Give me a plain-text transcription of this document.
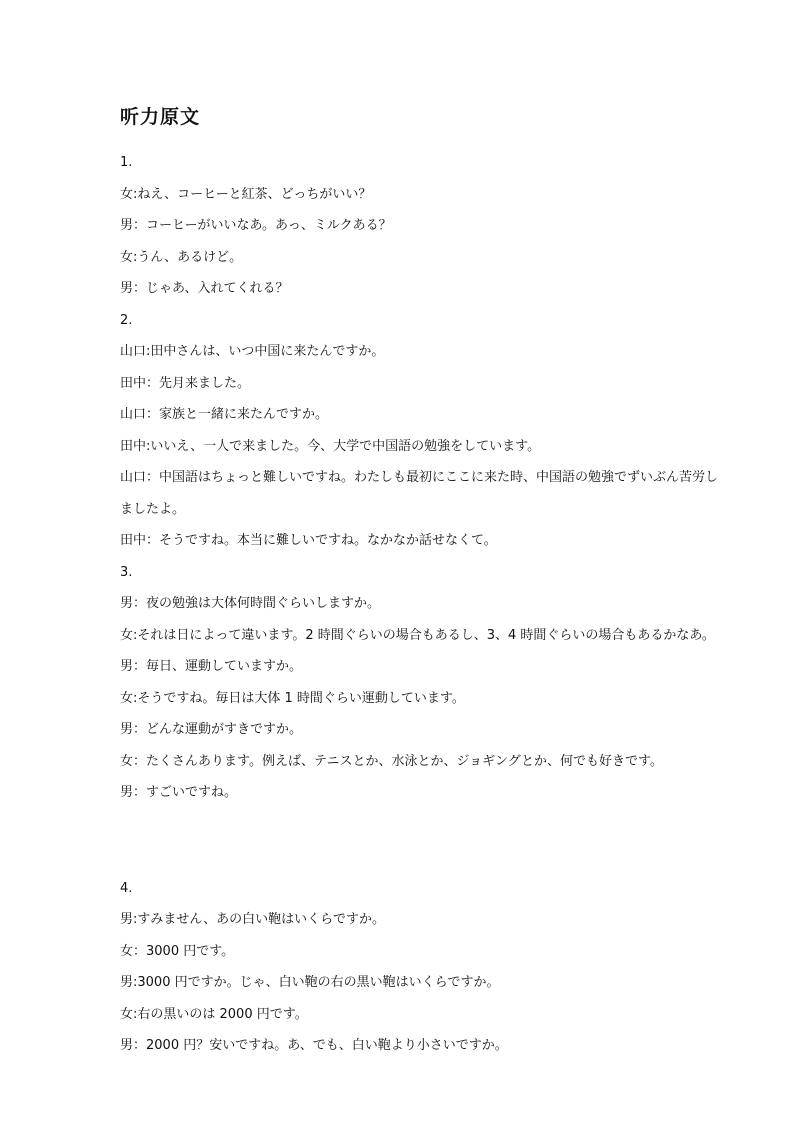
听力原文

1.

女:ねえ、コーヒーと紅茶、どっちがいい？

男：コーヒーがいいなあ。あっ、ミルクある？

女:うん、あるけど。

男：じゃあ、入れてくれる？

2.

山口:田中さんは、いつ中国に来たんですか。

田中：先月来ました。

山口：家族と一緒に来たんですか。

田中:いいえ、一人で来ました。今、大学で中国語の勉強をしています。

山口：中国語はちょっと難しいですね。わたしも最初にここに来た時、中国語の勉強でずいぶん苦労し

ましたよ。

田中：そうですね。本当に難しいですね。なかなか話せなくて。

3.

男：夜の勉強は大体何時間ぐらいしますか。

女:それは日によって違います。2 時間ぐらいの場合もあるし、3、4 時間ぐらいの場合もあるかなあ。

男：毎日、運動していますか。

女:そうですね。毎日は大体 1 時間ぐらい運動しています。

男：どんな運動がすきですか。

女：たくさんあります。例えば、テニスとか、水泳とか、ジョギングとか、何でも好きです。

男：すごいですね。

4.

男:すみません、あの白い鞄はいくらですか。

女：3000 円です。

男:3000 円ですか。じゃ、白い鞄の右の黒い鞄はいくらですか。

女:右の黒いのは 2000 円です。

男：2000 円？安いですね。あ、でも、白い鞄より小さいですか。
